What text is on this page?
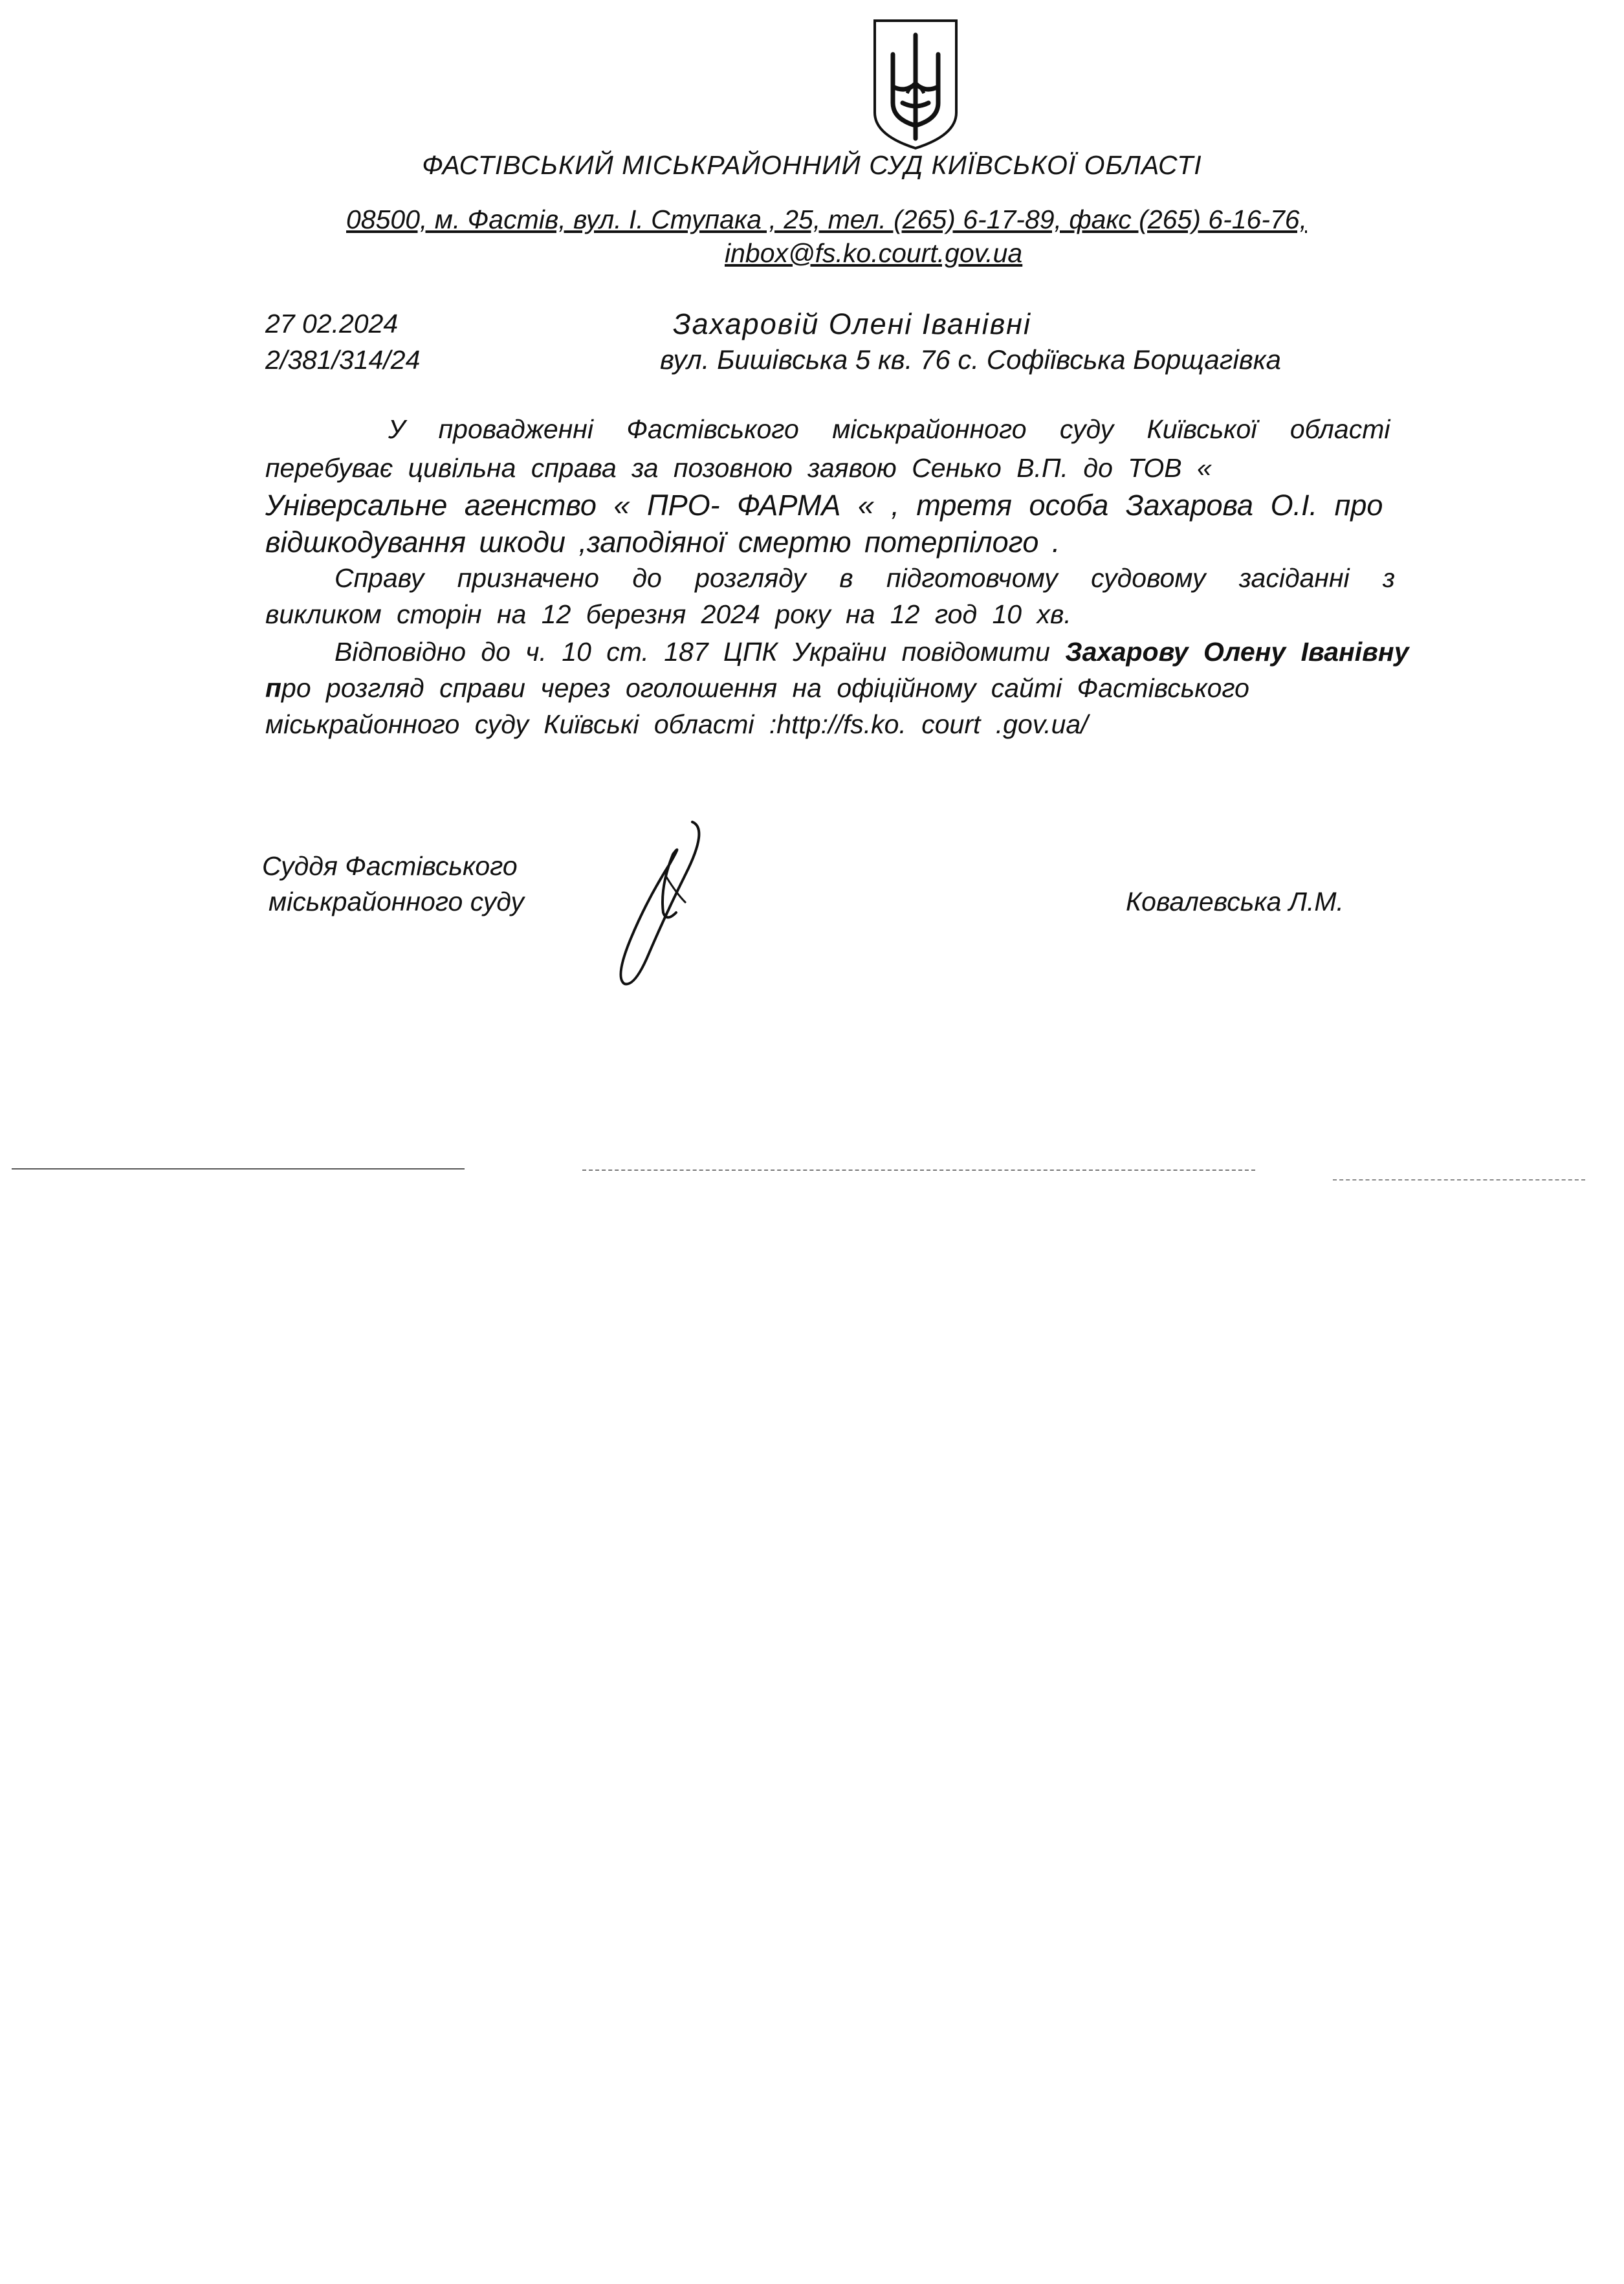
ФАСТІВСЬКИЙ МІСЬКРАЙОННИЙ СУД КИЇВСЬКОЇ ОБЛАСТІ
08500, м. Фастів, вул. І. Ступака , 25, тел. (265) 6-17-89, факс (265) 6-16-76,
inbox@fs.ko.court.gov.ua
27 02.2024
2/381/314/24
Захаровій Олені Іванівні
вул. Бишівська 5 кв. 76 с. Софіївська Борщагівка
У провадженні Фастівського міськрайонного суду Київської області
перебуває цивільна справа за позовною заявою Сенько В.П. до ТОВ «
Універсальне агенство « ПРО- ФАРМА « , третя особа Захарова О.І. про
відшкодування шкоди ,заподіяної смертю потерпілого .
Справу призначено до розгляду в підготовчому судовому засіданні з
викликом сторін на 12 березня 2024 року на 12 год 10 хв.
Відповідно до ч. 10 ст. 187 ЦПК України повідомити Захарову Олену Іванівну
про розгляд справи через оголошення на офіційному сайті Фастівського
міськрайонного суду Київські області :http://fs.ko. court .gov.ua/
Суддя Фастівського
міськрайонного суду	Ковалевська Л.М.
